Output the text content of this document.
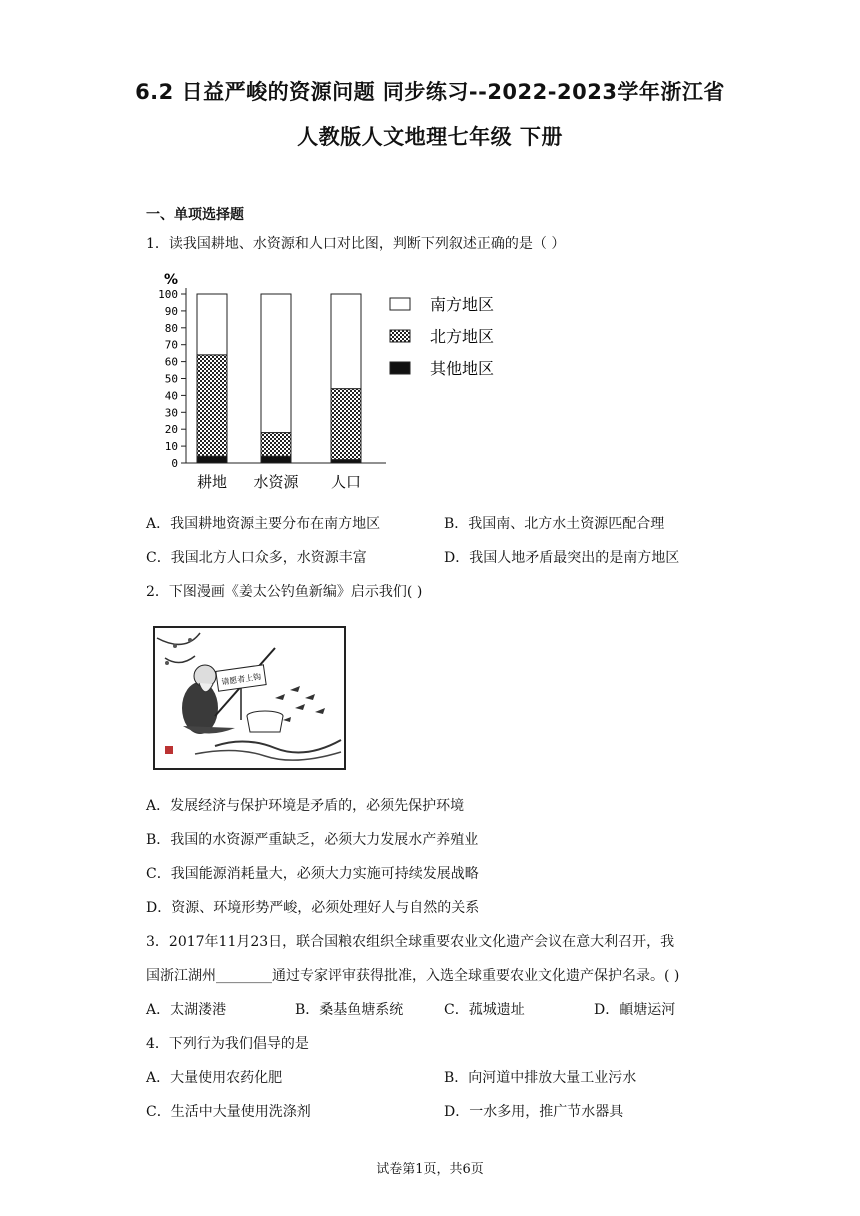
6.2 日益严峻的资源问题 同步练习--2022-2023学年浙江省
人教版人文地理七年级 下册
一、单项选择题
1．读我国耕地、水资源和人口对比图，判断下列叙述正确的是（ ）
%
0
10
20
30
40
50
60
70
80
90
100
耕地 水资源 人口
南方地区
北方地区
其他地区
A．我国耕地资源主要分布在南方地区	B．我国南、北方水土资源匹配合理
C．我国北方人口众多，水资源丰富	D．我国人地矛盾最突出的是南方地区
2．下图漫画《姜太公钓鱼新编》启示我们( )
请愿者上钩
A．发展经济与保护环境是矛盾的，必须先保护环境
B．我国的水资源严重缺乏，必须大力发展水产养殖业
C．我国能源消耗量大，必须大力实施可持续发展战略
D．资源、环境形势严峻，必须处理好人与自然的关系
3．2017年11月23日，联合国粮农组织全球重要农业文化遗产会议在意大利召开，我
国浙江湖州________通过专家评审获得批准，入选全球重要农业文化遗产保护名录。( )
A．太湖溇港	B．桑基鱼塘系统	C．菰城遗址	D．頔塘运河
4．下列行为我们倡导的是
A．大量使用农药化肥	B．向河道中排放大量工业污水
C．生活中大量使用洗涤剂	D．一水多用，推广节水器具
试卷第1页，共6页
